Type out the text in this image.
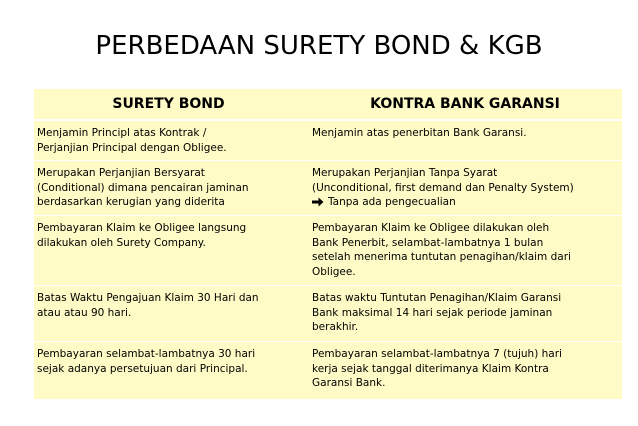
PERBEDAAN SURETY BOND & KGB
SURETY BOND	KONTRA BANK GARANSI
Menjamin Principl atas Kontrak /
Perjanjian Principal dengan Obligee.
Menjamin atas penerbitan Bank Garansi.
Merupakan Perjanjian Bersyarat
(Conditional) dimana pencairan jaminan
berdasarkan kerugian yang diderita
Merupakan Perjanjian Tanpa Syarat
(Unconditional, first demand dan Penalty System)
Tanpa ada pengecualian
Pembayaran Klaim ke Obligee langsung
dilakukan oleh Surety Company.
Pembayaran Klaim ke Obligee dilakukan oleh
Bank Penerbit, selambat-lambatnya 1 bulan
setelah menerima tuntutan penagihan/klaim dari
Obligee.
Batas Waktu Pengajuan Klaim 30 Hari dan
atau atau 90 hari.
Batas waktu Tuntutan Penagihan/Klaim Garansi
Bank maksimal 14 hari sejak periode jaminan
berakhir.
Pembayaran selambat-lambatnya 30 hari
sejak adanya persetujuan dari Principal.
Pembayaran selambat-lambatnya 7 (tujuh) hari
kerja sejak tanggal diterimanya Klaim Kontra
Garansi Bank.
